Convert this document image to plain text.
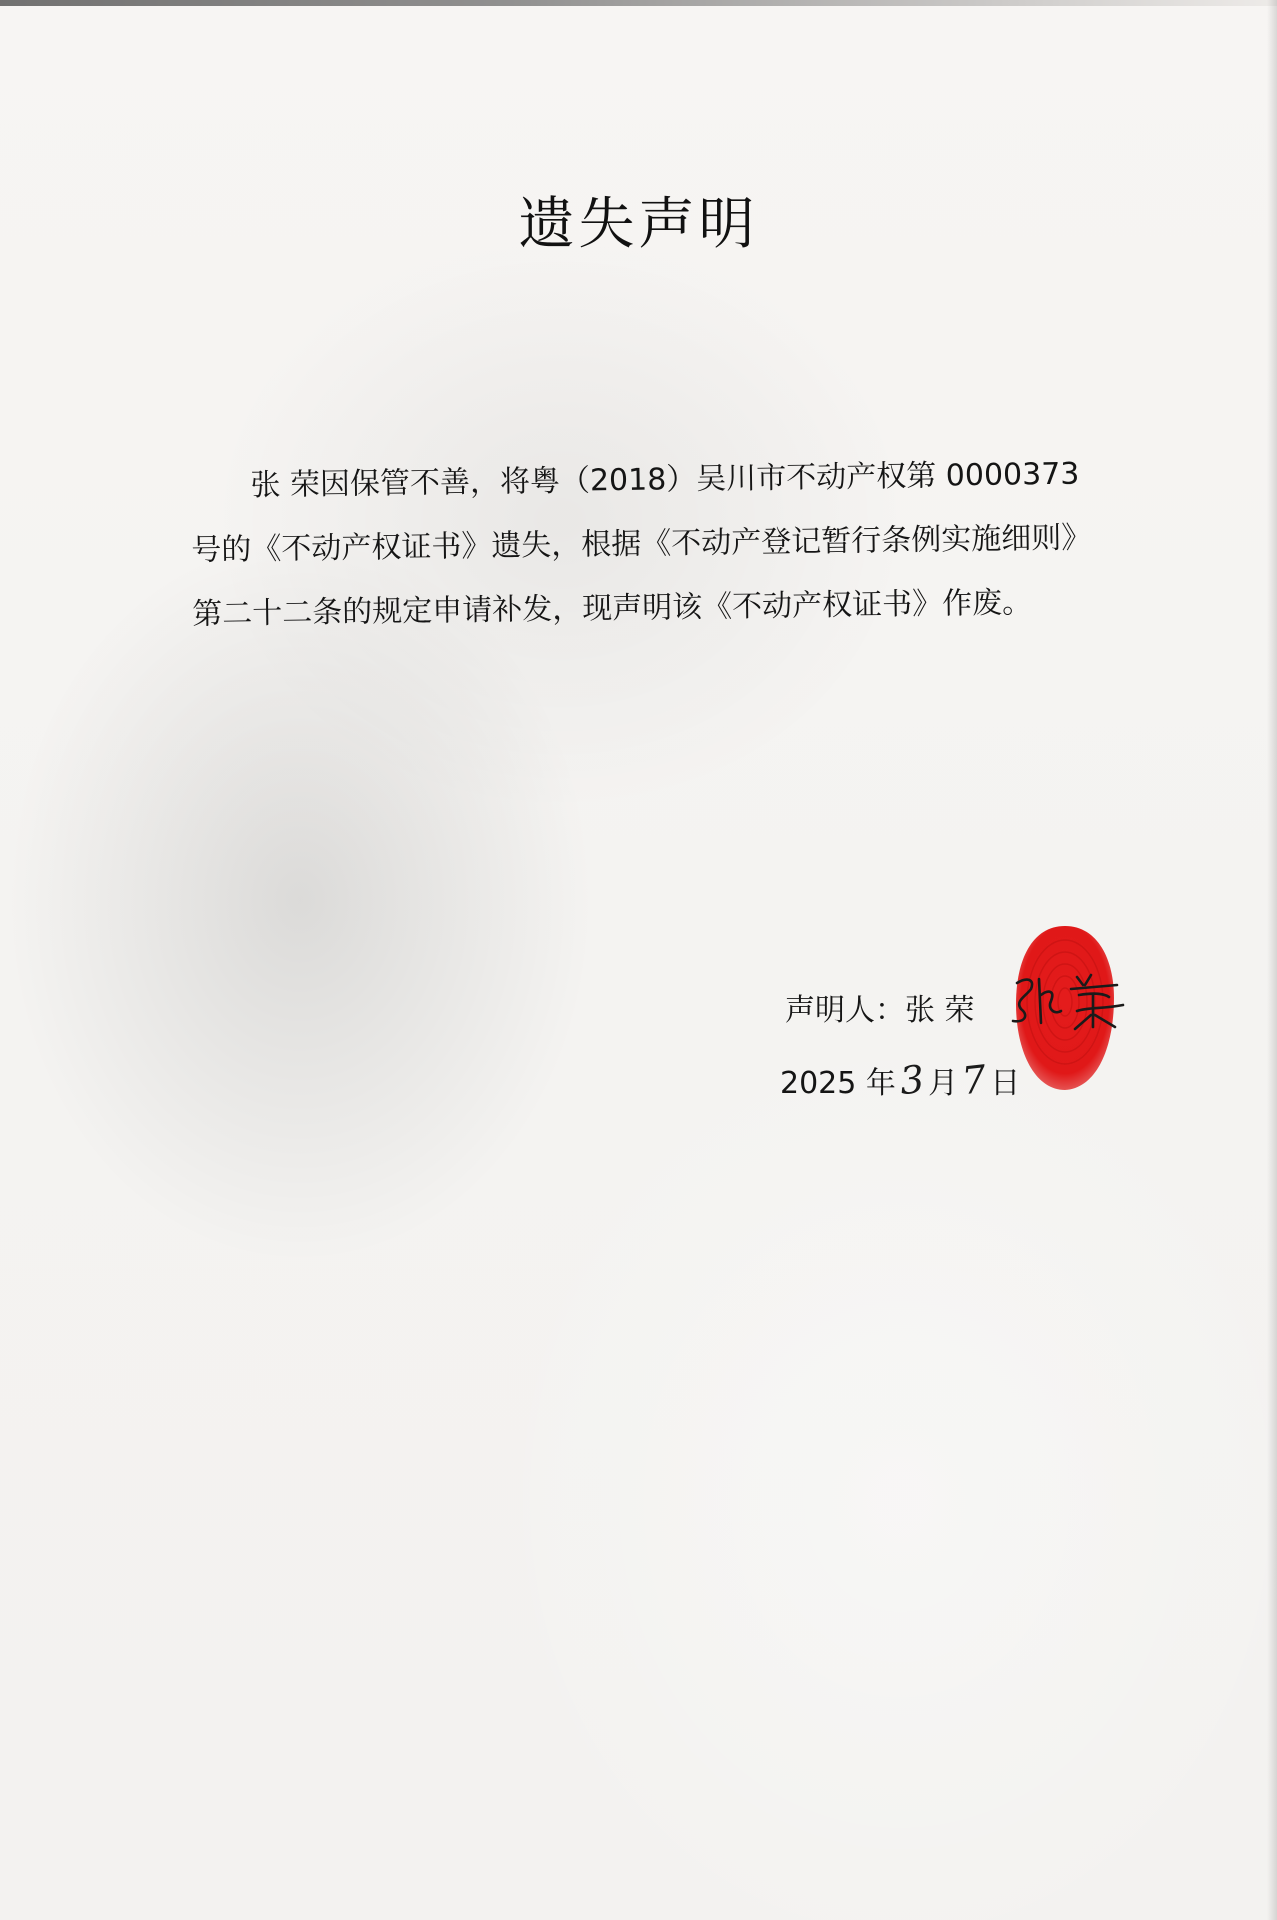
遗失声明
张 荣因保管不善，将粤（2018）吴川市不动产权第 0000373
号的《不动产权证书》遗失，根据《不动产登记暂行条例实施细则》
第二十二条的规定申请补发，现声明该《不动产权证书》作废。
声明人：张 荣
2025 年3月7日
